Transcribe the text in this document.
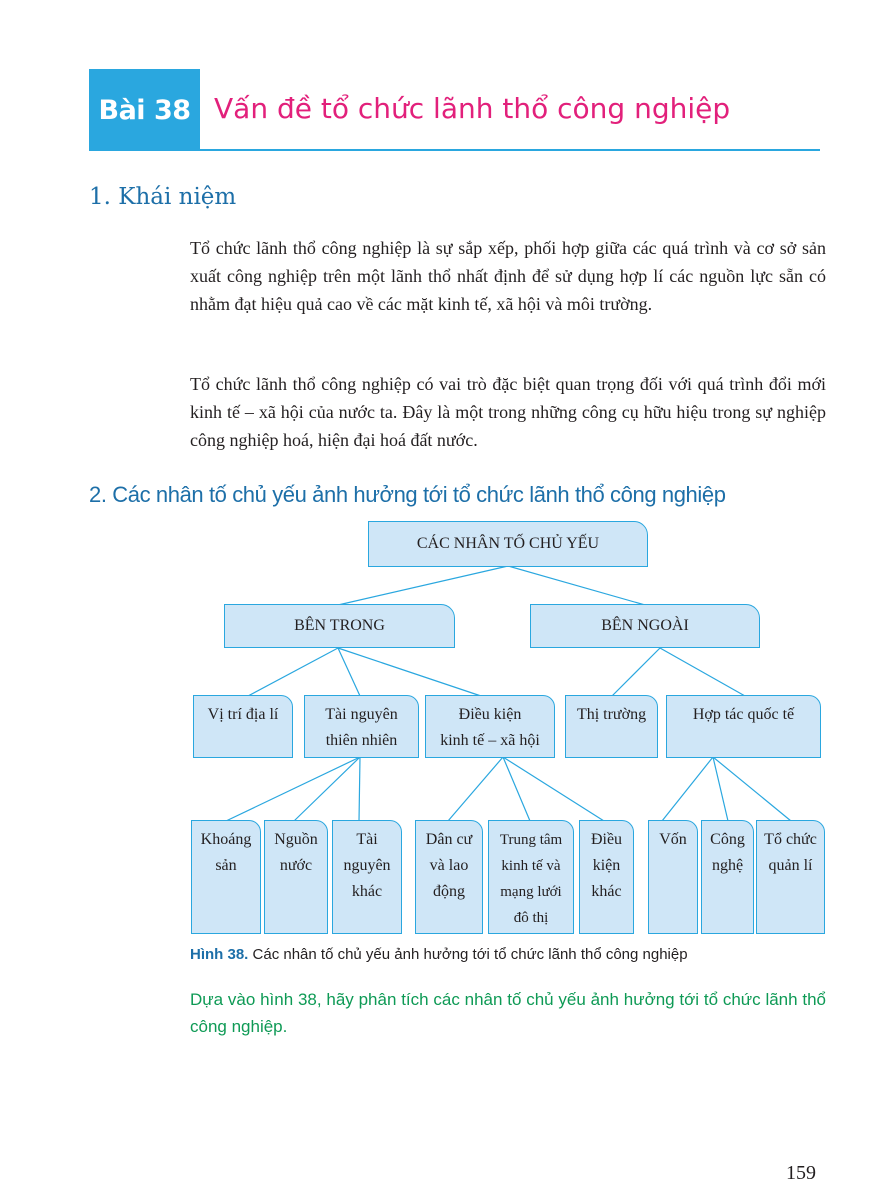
Bài 38 Vấn đề tổ chức lãnh thổ công nghiệp
1. Khái niệm

Tổ chức lãnh thổ công nghiệp là sự sắp xếp, phối hợp giữa các quá trình và cơ sở sản xuất công nghiệp trên một lãnh thổ nhất định để sử dụng hợp lí các nguồn lực sẵn có nhằm đạt hiệu quả cao về các mặt kinh tế, xã hội và môi trường.

Tổ chức lãnh thổ công nghiệp có vai trò đặc biệt quan trọng đối với quá trình đổi mới kinh tế – xã hội của nước ta. Đây là một trong những công cụ hữu hiệu trong sự nghiệp công nghiệp hoá, hiện đại hoá đất nước.

2. Các nhân tố chủ yếu ảnh hưởng tới tổ chức lãnh thổ công nghiệp
CÁC NHÂN TỐ CHỦ YẾU
BÊN TRONG	BÊN NGOÀI
Vị trí địa lí	Tài nguyên
thiên nhiên
Điều kiện
kinh tế – xã hội
Thị trường	Hợp tác quốc tế
Khoáng
sản
Nguồn
nước
Tài
nguyên
khác
Dân cư
và lao
động
Trung tâm
kinh tế và
mạng lưới
đô thị
Điều
kiện
khác
Vốn	Công
nghệ
Tổ chức
quản lí
Hình 38. Các nhân tố chủ yếu ảnh hưởng tới tổ chức lãnh thổ công nghiệp

Dựa vào hình 38, hãy phân tích các nhân tố chủ yếu ảnh hưởng tới tổ chức lãnh thổ công nghiệp.

159
